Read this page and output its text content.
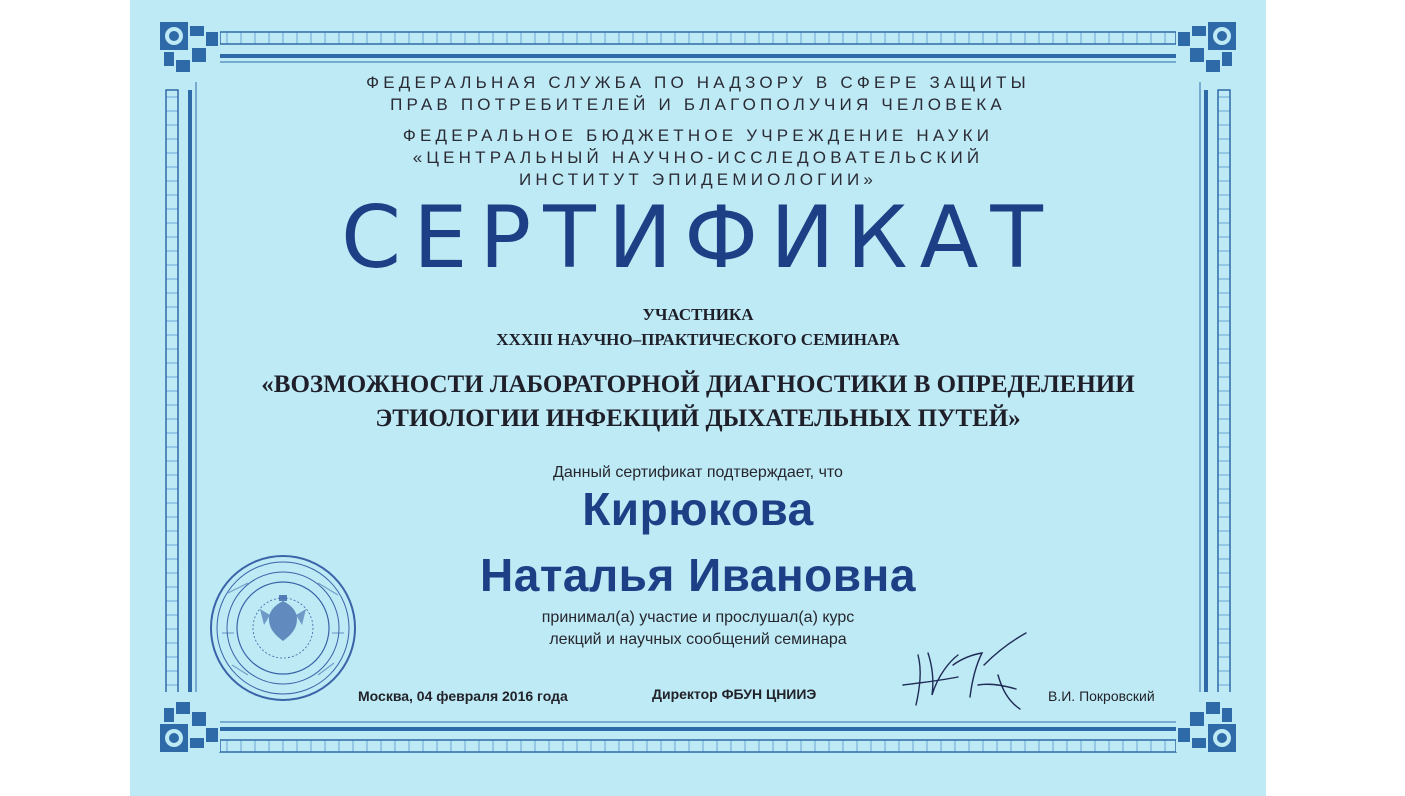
ФЕДЕРАЛЬНАЯ СЛУЖБА ПО НАДЗОРУ В СФЕРЕ ЗАЩИТЫ
ПРАВ ПОТРЕБИТЕЛЕЙ И БЛАГОПОЛУЧИЯ ЧЕЛОВЕКА
ФЕДЕРАЛЬНОЕ БЮДЖЕТНОЕ УЧРЕЖДЕНИЕ НАУКИ
«ЦЕНТРАЛЬНЫЙ НАУЧНО-ИССЛЕДОВАТЕЛЬСКИЙ
ИНСТИТУТ ЭПИДЕМИОЛОГИИ»
СЕРТИФИКАТ
УЧАСТНИКА
XXXIII НАУЧНО–ПРАКТИЧЕСКОГО СЕМИНАРА
«ВОЗМОЖНОСТИ ЛАБОРАТОРНОЙ ДИАГНОСТИКИ В ОПРЕДЕЛЕНИИ
ЭТИОЛОГИИ ИНФЕКЦИЙ ДЫХАТЕЛЬНЫХ ПУТЕЙ»
Данный сертификат подтверждает, что
Кирюкова
Наталья Ивановна
принимал(а) участие и прослушал(а) курс
лекций и научных сообщений семинара
Москва, 04 февраля 2016 года	Директор ФБУН ЦНИИЭ	В.И. Покровский
